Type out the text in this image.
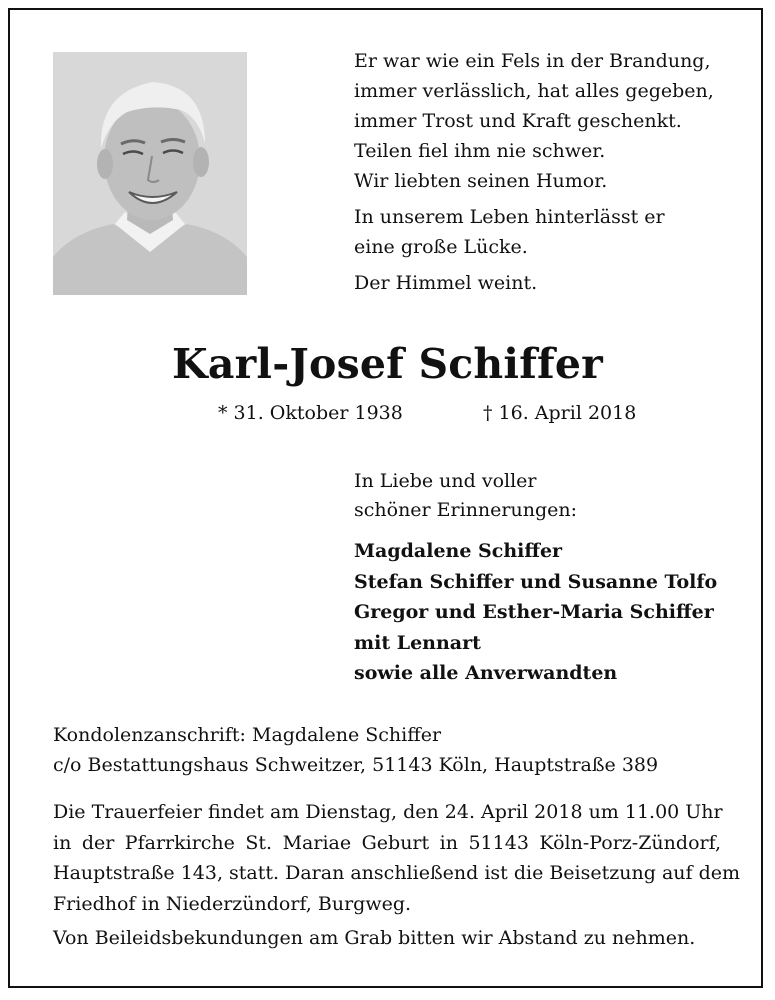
Er war wie ein Fels in der Brandung,
immer verlässlich, hat alles gegeben,
immer Trost und Kraft geschenkt.
Teilen fiel ihm nie schwer.
Wir liebten seinen Humor.
In unserem Leben hinterlässt er
eine große Lücke.
Der Himmel weint.
Karl-Josef Schiffer
* 31. Oktober 1938	† 16. April 2018
In Liebe und voller
schöner Erinnerungen:
Magdalene Schiffer
Stefan Schiffer und Susanne Tolfo
Gregor und Esther-Maria Schiffer
mit Lennart
sowie alle Anverwandten
Kondolenzanschrift: Magdalene Schiffer
c/o Bestattungshaus Schweitzer, 51143 Köln, Hauptstraße 389
Die Trauerfeier findet am Dienstag, den 24. April 2018 um 11.00 Uhr
in der Pfarrkirche St. Mariae Geburt in 51143 Köln-Porz-Zündorf,
Hauptstraße 143, statt. Daran anschließend ist die Beisetzung auf dem
Friedhof in Niederzündorf, Burgweg.
Von Beileidsbekundungen am Grab bitten wir Abstand zu nehmen.
